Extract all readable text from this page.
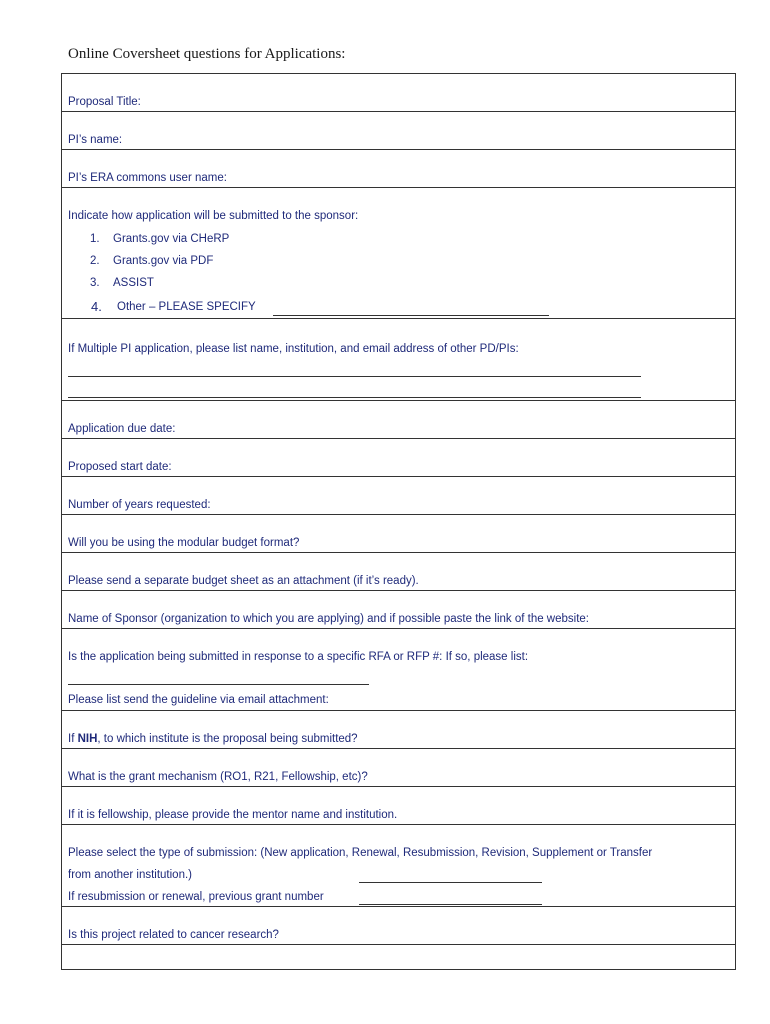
Online Coversheet questions for Applications:
Proposal Title:
PI’s name:
PI’s ERA commons user name:
Indicate how application will be submitted to the sponsor:
1. Grants.gov via CHeRP
2. Grants.gov via PDF
3. ASSIST
4. Other – PLEASE SPECIFY
If Multiple PI application, please list name, institution, and email address of other PD/PIs:
Application due date:
Proposed start date:
Number of years requested:
Will you be using the modular budget format?
Please send a separate budget sheet as an attachment (if it’s ready).
Name of Sponsor (organization to which you are applying) and if possible paste the link of the website:
Is the application being submitted in response to a specific RFA or RFP #: If so, please list:
Please list send the guideline via email attachment:
If NIH, to which institute is the proposal being submitted?
What is the grant mechanism (RO1, R21, Fellowship, etc)?
If it is fellowship, please provide the mentor name and institution.
Please select the type of submission: (New application, Renewal, Resubmission, Revision, Supplement or Transfer
from another institution.)
If resubmission or renewal, previous grant number
Is this project related to cancer research?
